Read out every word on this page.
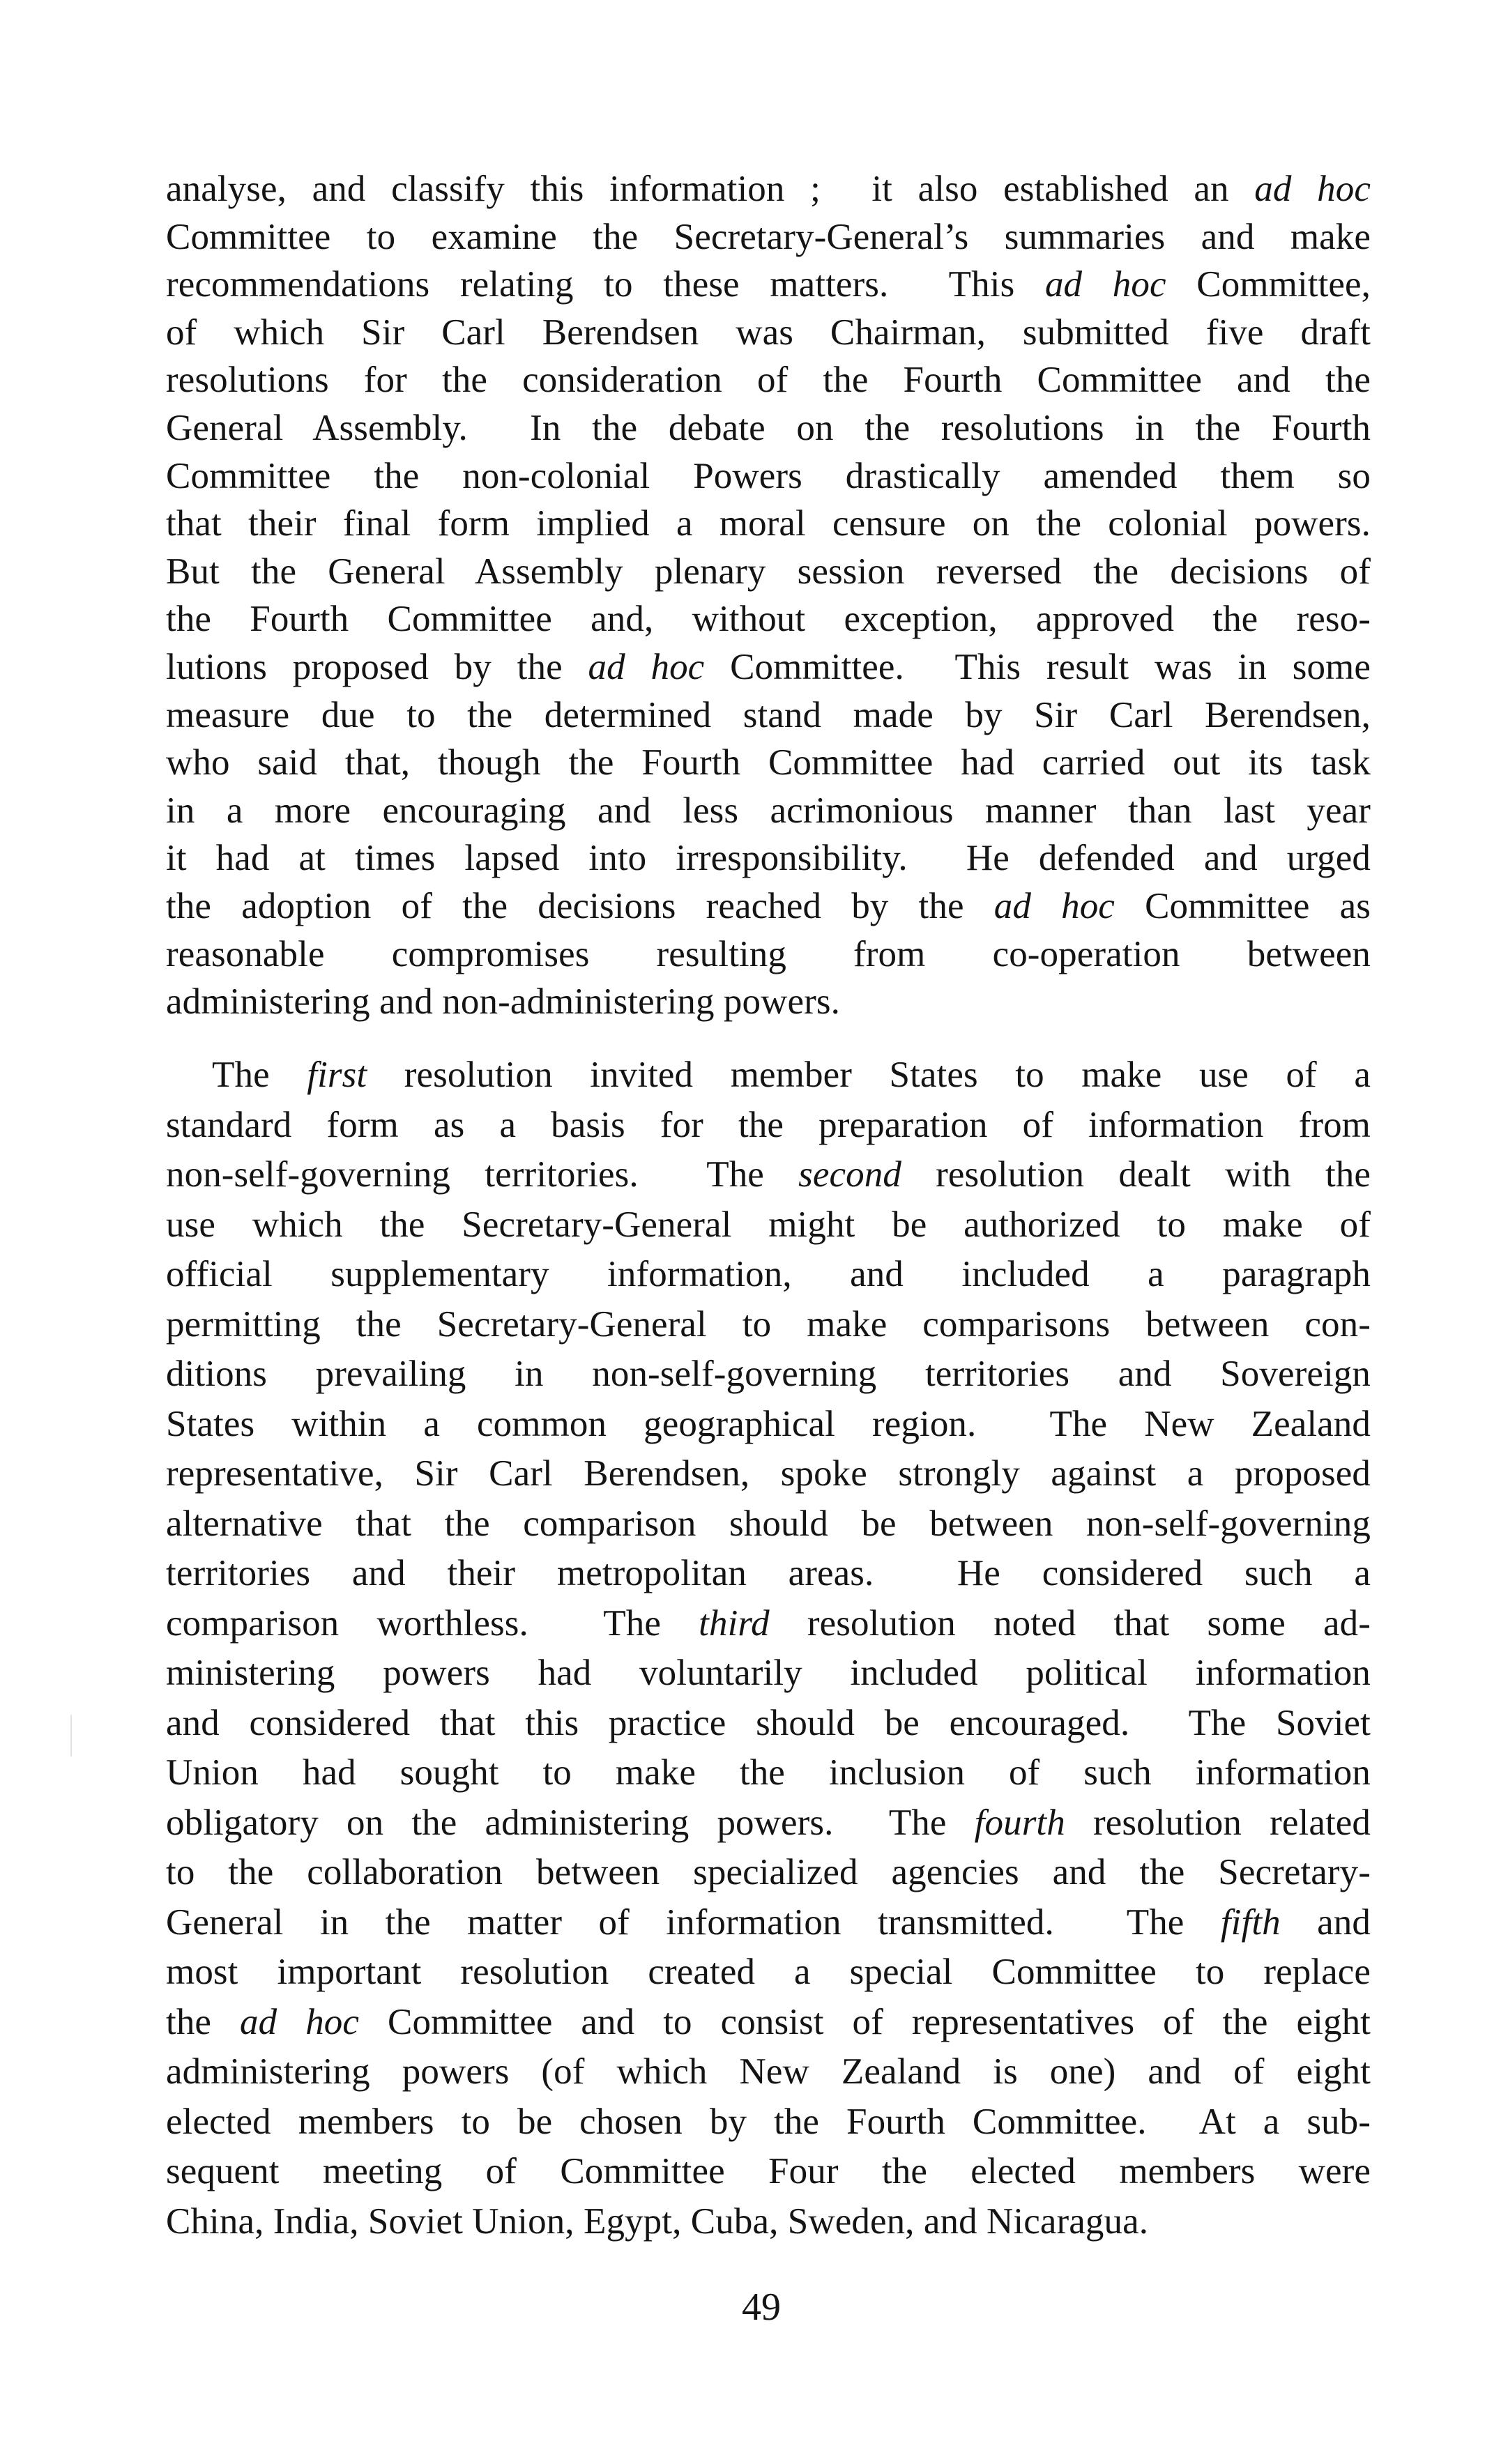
analyse, and classify this information ;  it also established an ad hoc
Committee to examine the Secretary-General’s summaries and make
recommendations relating to these matters.  This ad hoc Committee,
of which Sir Carl Berendsen was Chairman, submitted five draft
resolutions for the consideration of the Fourth Committee and the
General Assembly.  In the debate on the resolutions in the Fourth
Committee the non-colonial Powers drastically amended them so
that their final form implied a moral censure on the colonial powers.
But the General Assembly plenary session reversed the decisions of
the Fourth Committee and, without exception, approved the reso-
lutions proposed by the ad hoc Committee.  This result was in some
measure due to the determined stand made by Sir Carl Berendsen,
who said that, though the Fourth Committee had carried out its task
in a more encouraging and less acrimonious manner than last year
it had at times lapsed into irresponsibility.  He defended and urged
the adoption of the decisions reached by the ad hoc Committee as
reasonable compromises resulting from co-operation between
administering and non-administering powers.
The first resolution invited member States to make use of a
standard form as a basis for the preparation of information from
non-self-governing territories.  The second resolution dealt with the
use which the Secretary-General might be authorized to make of
official supplementary information, and included a paragraph
permitting the Secretary-General to make comparisons between con-
ditions prevailing in non-self-governing territories and Sovereign
States within a common geographical region.  The New Zealand
representative, Sir Carl Berendsen, spoke strongly against a proposed
alternative that the comparison should be between non-self-governing
territories and their metropolitan areas.  He considered such a
comparison worthless.  The third resolution noted that some ad-
ministering powers had voluntarily included political information
and considered that this practice should be encouraged.  The Soviet
Union had sought to make the inclusion of such information
obligatory on the administering powers.  The fourth resolution related
to the collaboration between specialized agencies and the Secretary-
General in the matter of information transmitted.  The fifth and
most important resolution created a special Committee to replace
the ad hoc Committee and to consist of representatives of the eight
administering powers (of which New Zealand is one) and of eight
elected members to be chosen by the Fourth Committee.  At a sub-
sequent meeting of Committee Four the elected members were
China, India, Soviet Union, Egypt, Cuba, Sweden, and Nicaragua.
49
